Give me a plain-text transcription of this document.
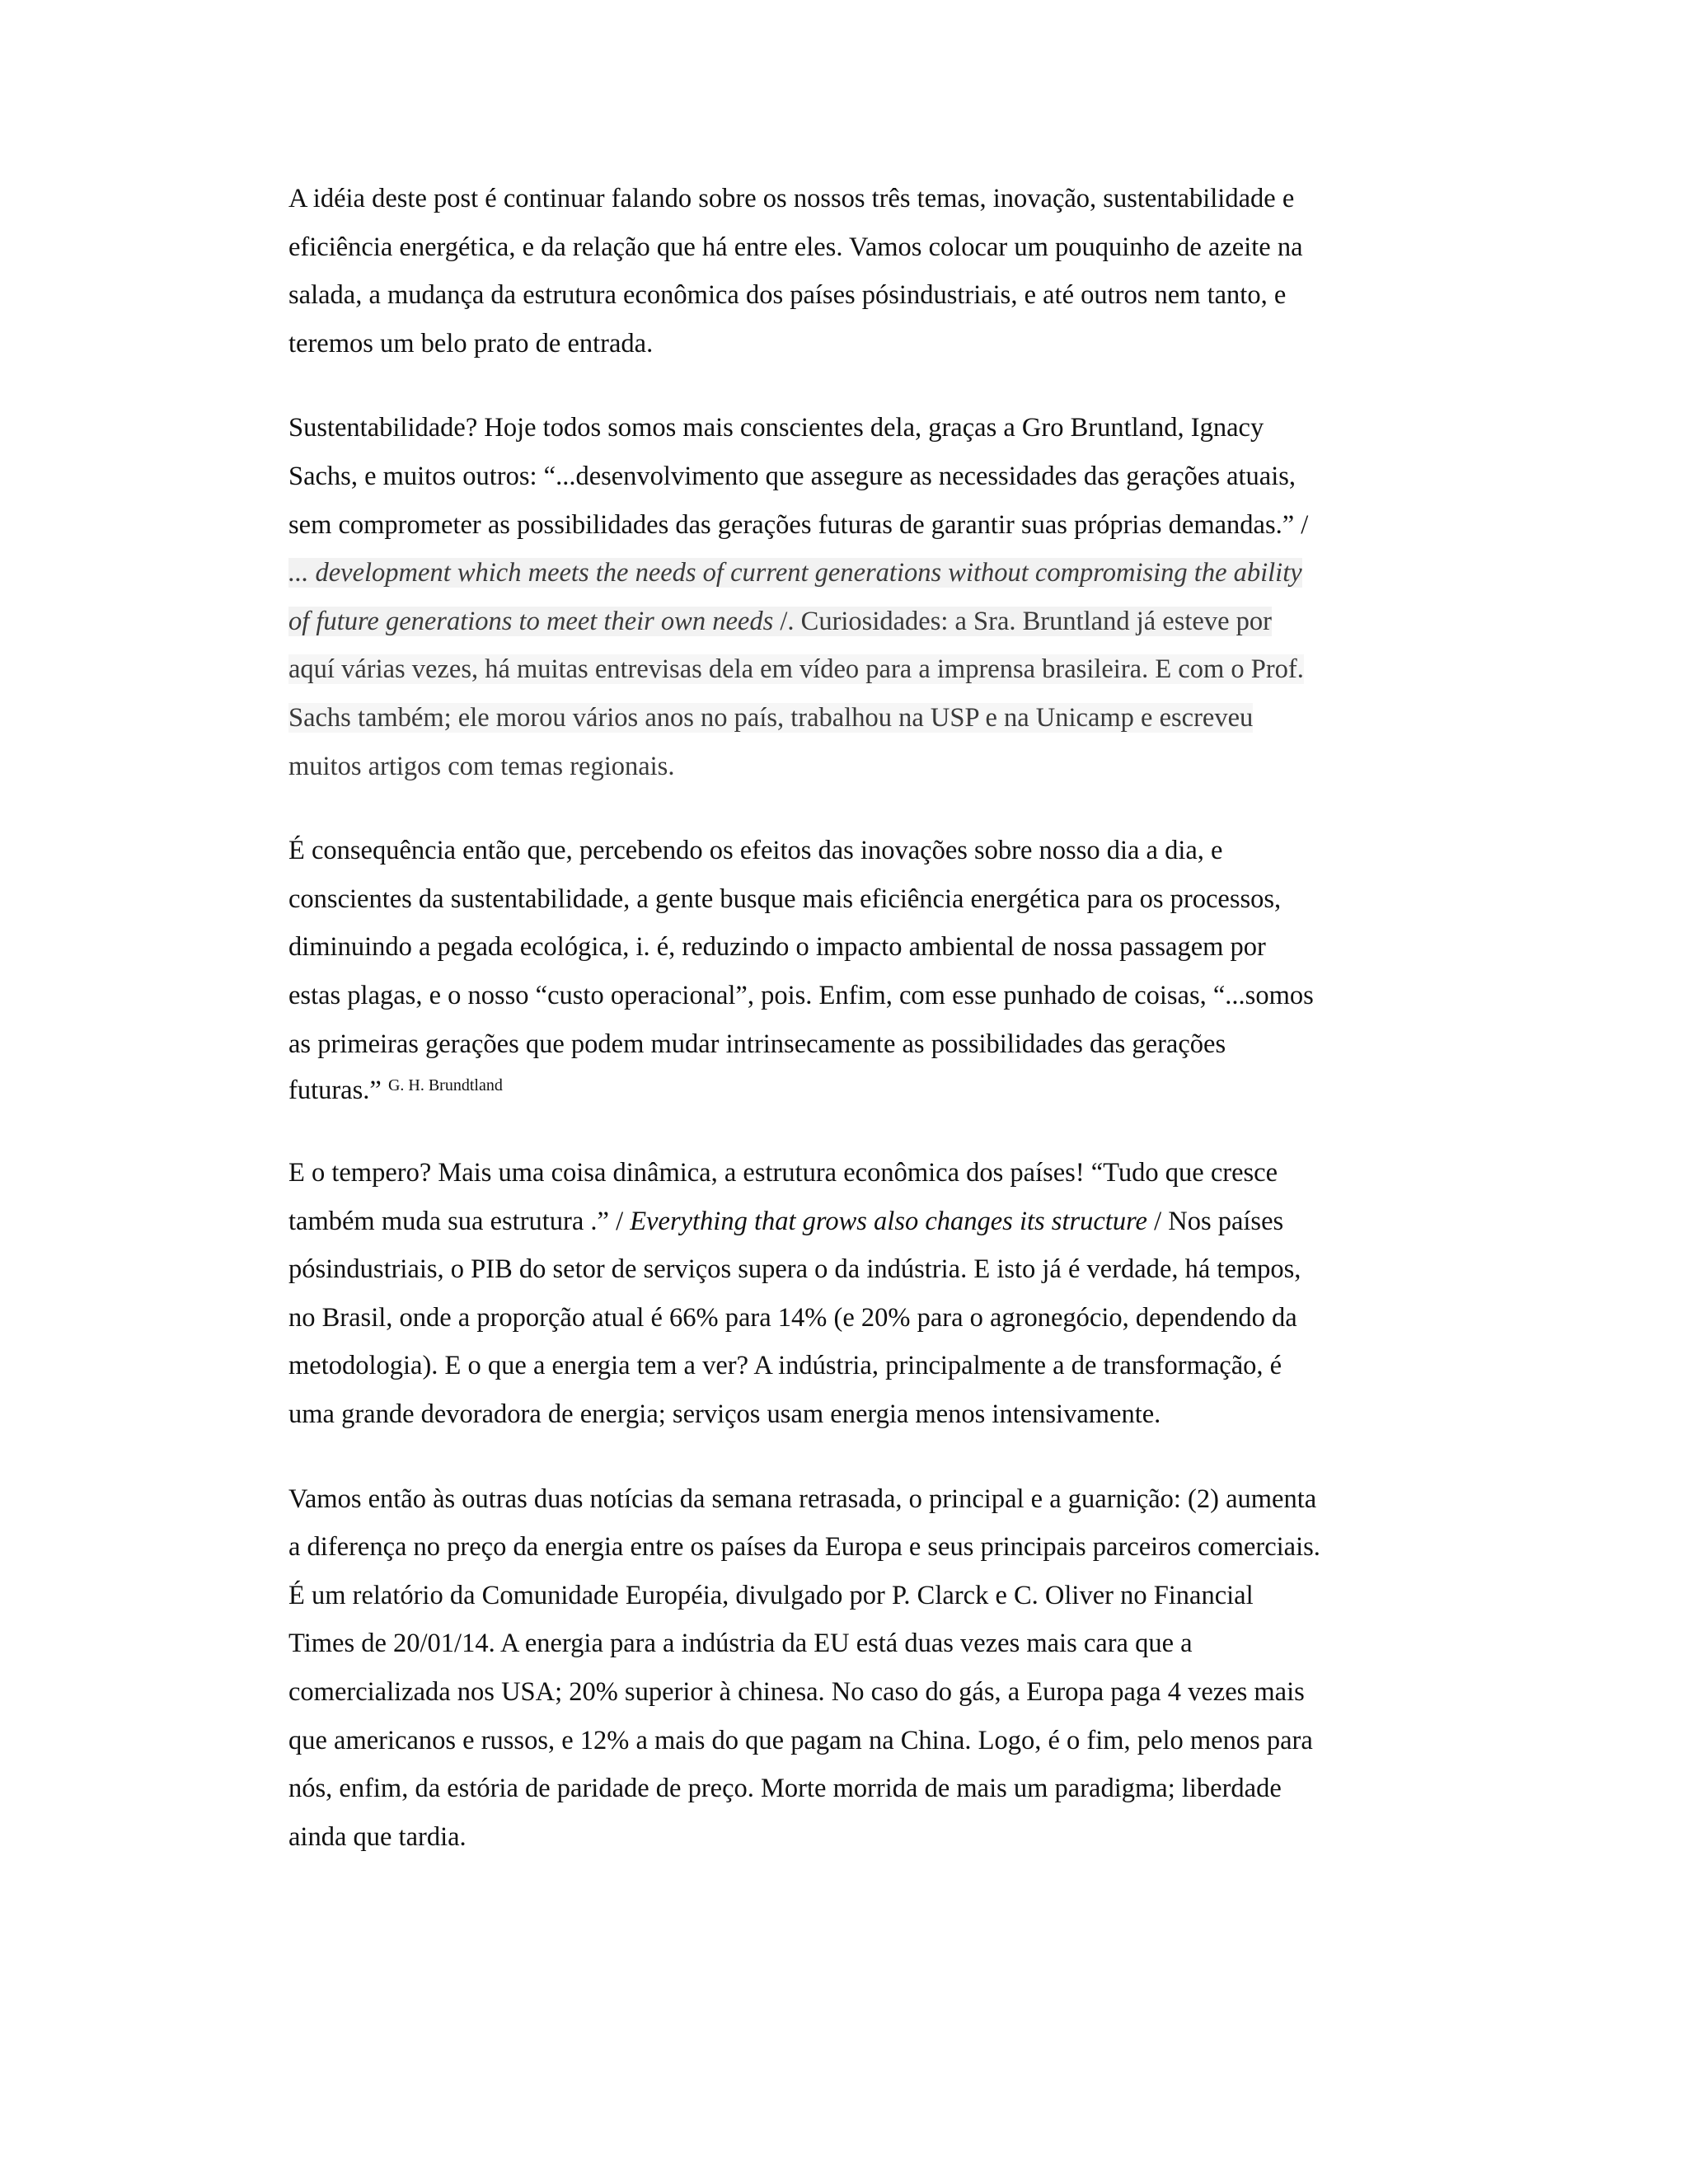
A idéia deste post é continuar falando sobre os nossos três temas, inovação, sustentabilidade e
eficiência energética, e da relação que há entre eles. Vamos colocar um pouquinho de azeite na
salada, a mudança da estrutura econômica dos países pósindustriais, e até outros nem tanto, e
teremos um belo prato de entrada.

Sustentabilidade? Hoje todos somos mais conscientes dela, graças a Gro Bruntland, Ignacy
Sachs, e muitos outros: “...desenvolvimento que assegure as necessidades das gerações atuais,
sem comprometer as possibilidades das gerações futuras de garantir suas próprias demandas.” /
... development which meets the needs of current generations without compromising the ability
of future generations to meet their own needs /. Curiosidades: a Sra. Bruntland já esteve por
aquí várias vezes, há muitas entrevisas dela em vídeo para a imprensa brasileira. E com o Prof.
Sachs também; ele morou vários anos no país, trabalhou na USP e na Unicamp e escreveu
muitos artigos com temas regionais.

É consequência então que, percebendo os efeitos das inovações sobre nosso dia a dia, e
conscientes da sustentabilidade, a gente busque mais eficiência energética para os processos,
diminuindo a pegada ecológica, i. é, reduzindo o impacto ambiental de nossa passagem por
estas plagas, e o nosso “custo operacional”, pois. Enfim, com esse punhado de coisas, “...somos
as primeiras gerações que podem mudar intrinsecamente as possibilidades das gerações
futuras.” $^{G. H. Brundtland}$

E o tempero? Mais uma coisa dinâmica, a estrutura econômica dos países! “Tudo que cresce
também muda sua estrutura .” / Everything that grows also changes its structure / Nos países
pósindustriais, o PIB do setor de serviços supera o da indústria. E isto já é verdade, há tempos,
no Brasil, onde a proporção atual é 66% para 14% (e 20% para o agronegócio, dependendo da
metodologia). E o que a energia tem a ver? A indústria, principalmente a de transformação, é
uma grande devoradora de energia; serviços usam energia menos intensivamente.

Vamos então às outras duas notícias da semana retrasada, o principal e a guarnição: (2) aumenta
a diferença no preço da energia entre os países da Europa e seus principais parceiros comerciais.
É um relatório da Comunidade Européia, divulgado por P. Clarck e C. Oliver no Financial
Times de 20/01/14. A energia para a indústria da EU está duas vezes mais cara que a
comercializada nos USA; 20% superior à chinesa. No caso do gás, a Europa paga 4 vezes mais
que americanos e russos, e 12% a mais do que pagam na China. Logo, é o fim, pelo menos para
nós, enfim, da estória de paridade de preço. Morte morrida de mais um paradigma; liberdade
ainda que tardia.
